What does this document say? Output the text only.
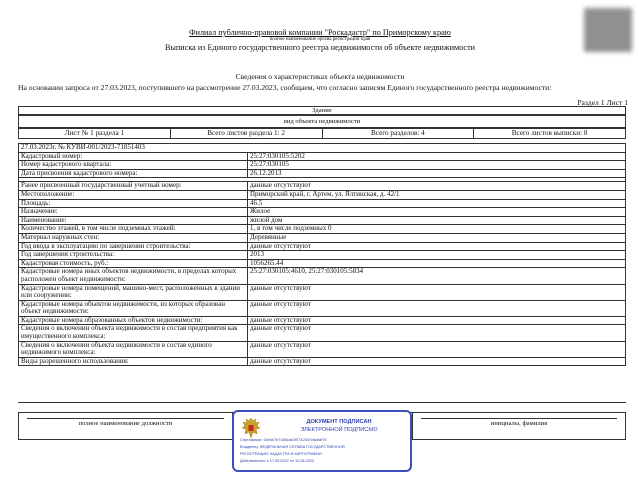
Филиал публично-правовой компании "Роскадастр" по Приморскому краю
полное наименование органа регистрации прав
Выписка из Единого государственного реестра недвижимости об объекте недвижимости
Сведения о характеристиках объекта недвижимости
На основании запроса от 27.03.2023, поступившего на рассмотрение 27.03.2023, сообщаем, что согласно записям Единого государственного реестра недвижимости:
Раздел 1 Лист 1
Здание
вид объекта недвижимости
Лист № 1 раздела 1	Всего листов раздела 1: 2	Всего разделов: 4	Всего листов выписки: 8
27.03.2023г. № КУВИ-001/2023-71851403	
Кадастровый номер:	25:27:030105:5202
Номер кадастрового квартала:	25:27:030105
Дата присвоения кадастрового номера:	26.12.2013

Ранее присвоенный государственный учетный номер:	данные отсутствуют
Местоположение:	Приморский край, г. Артем, ул. Ялтинская, д. 42/1
Площадь:	46.5
Назначение:	Жилое
Наименование:	жилой дом
Количество этажей, в том числе подземных этажей:	1, в том числе подземных 0
Материал наружных стен:	Деревянные
Год ввода в эксплуатацию по завершении строительства:	данные отсутствуют
Год завершения строительства:	2013
Кадастровая стоимость, руб.:	1056265.44
Кадастровые номера иных объектов недвижимости, в пределах которых расположен объект недвижимости:	25:27:030105:4610, 25:27:030105:5834
Кадастровые номера помещений, машино-мест, расположенных в здании или сооружении:	данные отсутствуют
Кадастровые номера объектов недвижимости, из которых образован объект недвижимости:	данные отсутствуют
Кадастровые номера образованных объектов недвижимости:	данные отсутствуют
Сведения о включении объекта недвижимости в состав предприятия как имущественного комплекса:	данные отсутствуют
Сведения о включении объекта недвижимости в состав единого недвижимого комплекса:	данные отсутствуют
Виды разрешенного использования:	данные отсутствуют
полное наименование должности	инициалы, фамилия
ДОКУМЕНТ ПОДПИСАН
ЭЛЕКТРОННОЙ ПОДПИСЬЮ
Сертификат: 00e4b7b7485cad1f0742047cfadfaf78
Владелец: ФЕДЕРАЛЬНАЯ СЛУЖБА ГОСУДАРСТВЕННОЙ
РЕГИСТРАЦИИ, КАДАСТРА И КАРТОГРАФИИ
Действителен: с 17.05.2022 по 10.08.2023
